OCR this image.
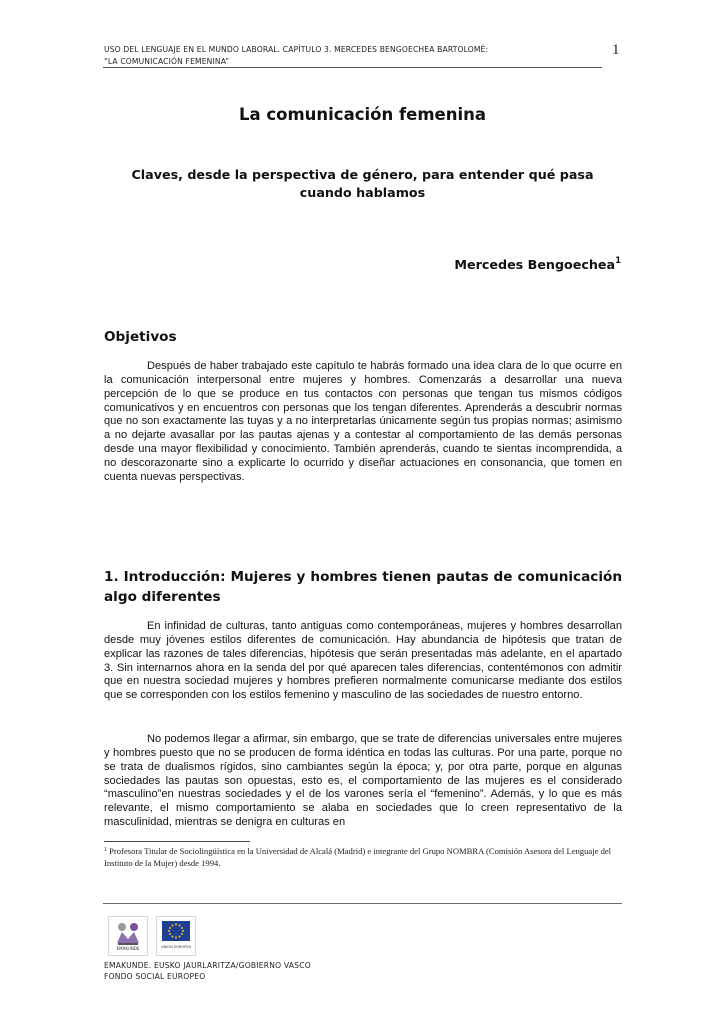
USO DEL LENGUAJE EN EL MUNDO LABORAL. CAPÍTULO 3. MERCEDES BENGOECHEA BARTOLOMÉ:
“LA COMUNICACIÓN FEMENINA”
1
La comunicación femenina
Claves, desde la perspectiva de género, para entender qué pasa cuando hablamos
Mercedes Bengoechea$^1$
Objetivos

Después de haber trabajado este capítulo te habrás formado una idea clara de lo que ocurre en la comunicación interpersonal entre mujeres y hombres. Comenzarás a desarrollar una nueva percepción de lo que se produce en tus contactos con personas que tengan tus mismos códigos comunicativos y en encuentros con personas que los tengan diferentes. Aprenderás a descubrir normas que no son exactamente las tuyas y a no interpretarlas únicamente según tus propias normas; asimismo a no dejarte avasallar por las pautas ajenas y a contestar al comportamiento de las demás personas desde una mayor flexibilidad y conocimiento. También aprenderás, cuando te sientas incomprendida, a no descorazonarte sino a explicarte lo ocurrido y diseñar actuaciones en consonancia, que tomen en cuenta nuevas perspectivas.

1. Introducción: Mujeres y hombres tienen pautas de comunicación algo diferentes

En infinidad de culturas, tanto antiguas como contemporáneas, mujeres y hombres desarrollan desde muy jóvenes estilos diferentes de comunicación. Hay abundancia de hipótesis que tratan de explicar las razones de tales diferencias, hipótesis que serán presentadas más adelante, en el apartado 3. Sin internarnos ahora en la senda del por qué aparecen tales diferencias, contentémonos con admitir que en nuestra sociedad mujeres y hombres prefieren normalmente comunicarse mediante dos estilos que se corresponden con los estilos femenino y masculino de las sociedades de nuestro entorno.

No podemos llegar a afirmar, sin embargo, que se trate de diferencias universales entre mujeres y hombres puesto que no se producen de forma idéntica en todas las culturas. Por una parte, porque no se trata de dualismos rígidos, sino cambiantes según la época; y, por otra parte, porque en algunas sociedades las pautas son opuestas, esto es, el comportamiento de las mujeres es el considerado “masculino”en nuestras sociedades y el de los varones sería el “femenino”. Además, y lo que es más relevante, el mismo comportamiento se alaba en sociedades que lo creen representativo de la masculinidad, mientras se denigra en culturas en

$^1$ Profesora Titular de Sociolingüística en la Universidad de Alcalá (Madrid) e integrante del Grupo NOMBRA (Comisión Asesora del Lenguaje del Instituto de la Mujer) desde 1994.
EMAKUNDE	UNIÓN EUROPEA
EMAKUNDE. EUSKO JAURLARITZA/GOBIERNO VASCO
FONDO SOCIAL EUROPEO
